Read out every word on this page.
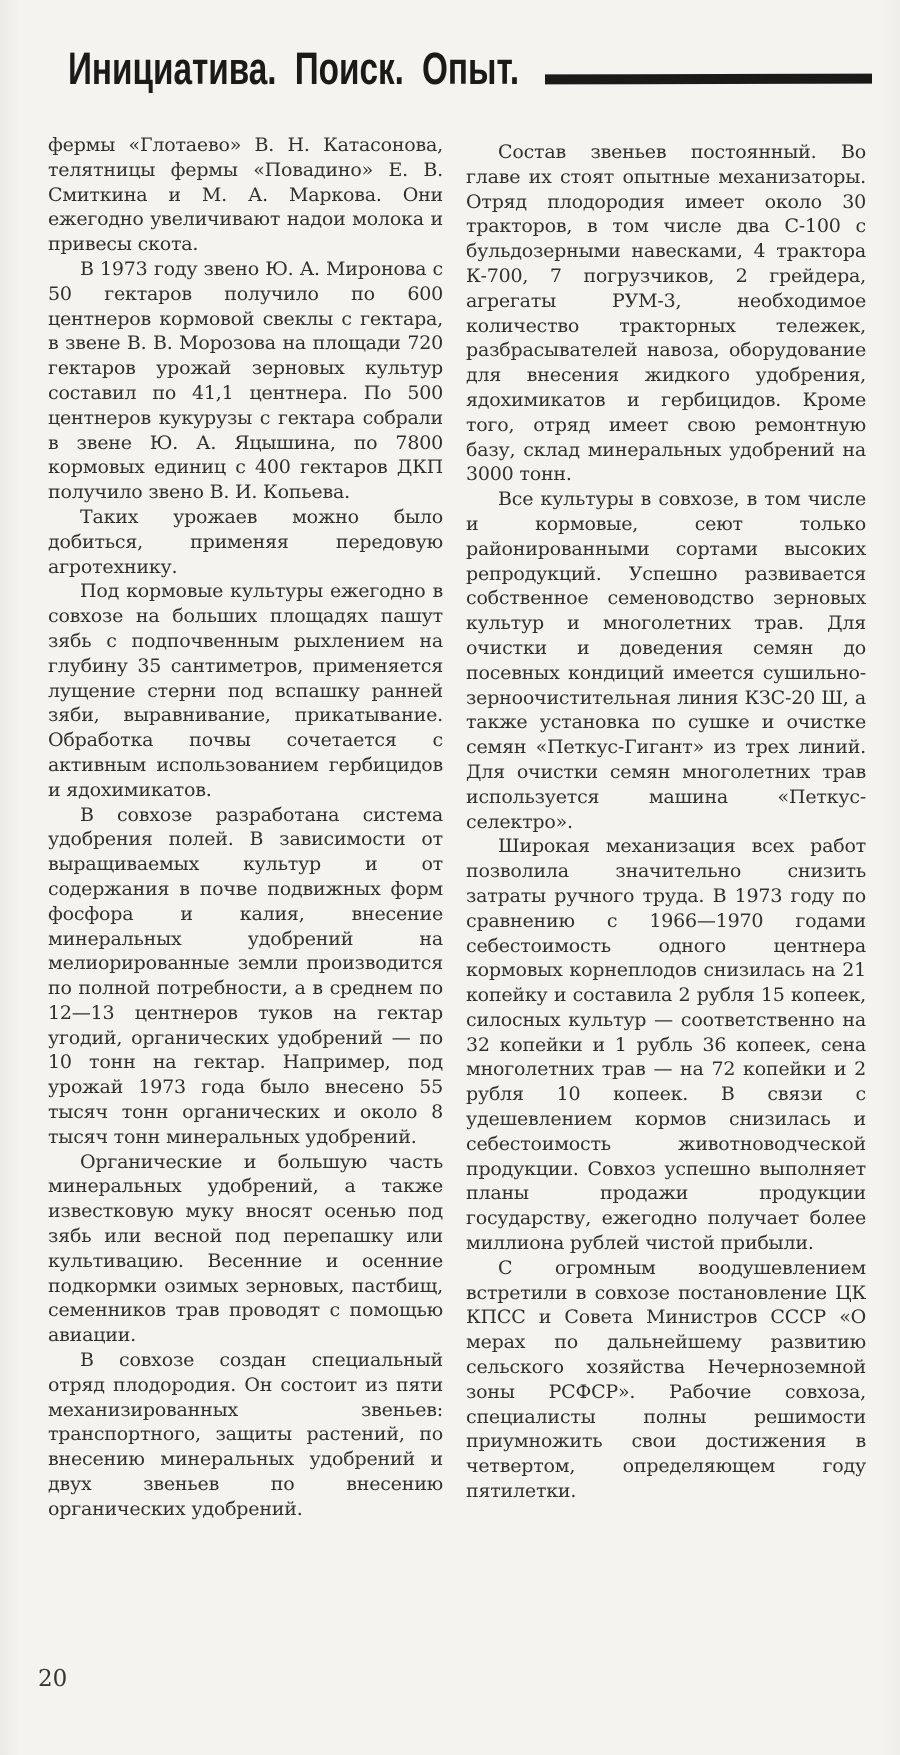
Инициатива. Поиск. Опыт.

фермы «Глотаево» В. Н. Катасонова, телятницы фермы «Повадино» Е. В. Смиткина и М. А. Маркова. Они ежегодно увеличивают надои молока и привесы скота.

В 1973 году звено Ю. А. Миронова с 50 гектаров получило по 600 центнеров кормовой свеклы с гектара, в звене В. В. Морозова на площади 720 гектаров урожай зерновых культур составил по 41,1 центнера. По 500 центнеров кукурузы с гектара собрали в звене Ю. А. Яцышина, по 7800 кормовых единиц с 400 гектаров ДКП получило звено В. И. Копьева.

Таких урожаев можно было добиться, применяя передовую агротехнику.

Под кормовые культуры ежегодно в совхозе на больших площадях пашут зябь с подпочвенным рыхлением на глубину 35 сантиметров, применяется лущение стерни под вспашку ранней зяби, выравнивание, прикатывание. Обработка почвы сочетается с активным использованием гербицидов и ядохимикатов.

В совхозе разработана система удобрения полей. В зависимости от выращиваемых культур и от содержания в почве подвижных форм фосфора и калия, внесение минеральных удобрений на мелиорированные земли производится по полной потребности, а в среднем по 12—13 центнеров туков на гектар угодий, органических удобрений — по 10 тонн на гектар. Например, под урожай 1973 года было внесено 55 тысяч тонн органических и около 8 тысяч тонн минеральных удобрений.

Органические и большую часть минеральных удобрений, а также известковую муку вносят осенью под зябь или весной под перепашку или культивацию. Весенние и осенние подкормки озимых зерновых, пастбищ, семенников трав проводят с помощью авиации.

В совхозе создан специальный отряд плодородия. Он состоит из пяти механизированных звеньев: транспортного, защиты растений, по внесению минеральных удобрений и двух звеньев по внесению органических удобрений.

Состав звеньев постоянный. Во главе их стоят опытные механизаторы. Отряд плодородия имеет около 30 тракторов, в том числе два С-100 с бульдозерными навесками, 4 трактора К-700, 7 погрузчиков, 2 грейдера, агрегаты РУМ-3, необходимое количество тракторных тележек, разбрасывателей навоза, оборудование для внесения жидкого удобрения, ядохимикатов и гербицидов. Кроме того, отряд имеет свою ремонтную базу, склад минеральных удобрений на 3000 тонн.

Все культуры в совхозе, в том числе и кормовые, сеют только районированными сортами высоких репродукций. Успешно развивается собственное семеноводство зерновых культур и многолетних трав. Для очистки и доведения семян до посевных кондиций имеется сушильно-зерноочистительная линия КЗС-20 Ш, а также установка по сушке и очистке семян «Петкус-Гигант» из трех линий. Для очистки семян многолетних трав используется машина «Петкус-селектро».

Широкая механизация всех работ позволила значительно снизить затраты ручного труда. В 1973 году по сравнению с 1966—1970 годами себестоимость одного центнера кормовых корнеплодов снизилась на 21 копейку и составила 2 рубля 15 копеек, силосных культур — соответственно на 32 копейки и 1 рубль 36 копеек, сена многолетних трав — на 72 копейки и 2 рубля 10 копеек. В связи с удешевлением кормов снизилась и себестоимость животноводческой продукции. Совхоз успешно выполняет планы продажи продукции государству, ежегодно получает более миллиона рублей чистой прибыли.

С огромным воодушевлением встретили в совхозе постановление ЦК КПСС и Совета Министров СССР «О мерах по дальнейшему развитию сельского хозяйства Нечерноземной зоны РСФСР». Рабочие совхоза, специалисты полны решимости приумножить свои достижения в четвертом, определяющем году пятилетки.

20
